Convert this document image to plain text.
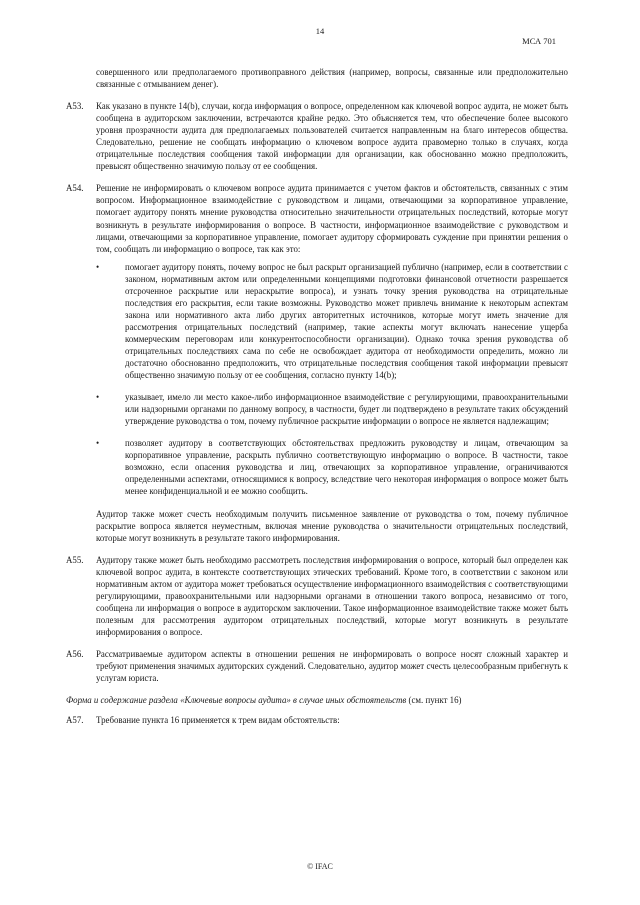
14
МСА 701

совершенного или предполагаемого противоправного действия (например, вопросы, связанные или предположительно связанные с отмыванием денег).

A53. Как указано в пункте 14(b), случаи, когда информация о вопросе, определенном как ключевой вопрос аудита, не может быть сообщена в аудиторском заключении, встречаются крайне редко. Это объясняется тем, что обеспечение более высокого уровня прозрачности аудита для предполагаемых пользователей считается направленным на благо интересов общества. Следовательно, решение не сообщать информацию о ключевом вопросе аудита правомерно только в случаях, когда отрицательные последствия сообщения такой информации для организации, как обоснованно можно предположить, превысят общественно значимую пользу от ее сообщения.

A54. Решение не информировать о ключевом вопросе аудита принимается с учетом фактов и обстоятельств, связанных с этим вопросом. Информационное взаимодействие с руководством и лицами, отвечающими за корпоративное управление, помогает аудитору понять мнение руководства относительно значительности отрицательных последствий, которые могут возникнуть в результате информирования о вопросе. В частности, информационное взаимодействие с руководством и лицами, отвечающими за корпоративное управление, помогает аудитору сформировать суждение при принятии решения о том, сообщать ли информацию о вопросе, так как это:

•	помогает аудитору понять, почему вопрос не был раскрыт организацией публично (например, если в соответствии с законом, нормативным актом или определенными концепциями подготовки финансовой отчетности разрешается отсроченное раскрытие или нераскрытие вопроса), и узнать точку зрения руководства на отрицательные последствия его раскрытия, если такие возможны. Руководство может привлечь внимание к некоторым аспектам закона или нормативного акта либо других авторитетных источников, которые могут иметь значение для рассмотрения отрицательных последствий (например, такие аспекты могут включать нанесение ущерба коммерческим переговорам или конкурентоспособности организации). Однако точка зрения руководства об отрицательных последствиях сама по себе не освобождает аудитора от необходимости определить, можно ли достаточно обоснованно предположить, что отрицательные последствия сообщения такой информации превысят общественно значимую пользу от ее сообщения, согласно пункту 14(b);

•	указывает, имело ли место какое-либо информационное взаимодействие с регулирующими, правоохранительными или надзорными органами по данному вопросу, в частности, будет ли подтверждено в результате таких обсуждений утверждение руководства о том, почему публичное раскрытие информации о вопросе не является надлежащим;

•	позволяет аудитору в соответствующих обстоятельствах предложить руководству и лицам, отвечающим за корпоративное управление, раскрыть публично соответствующую информацию о вопросе. В частности, такое возможно, если опасения руководства и лиц, отвечающих за корпоративное управление, ограничиваются определенными аспектами, относящимися к вопросу, вследствие чего некоторая информация о вопросе может быть менее конфиденциальной и ее можно сообщить.

Аудитор также может счесть необходимым получить письменное заявление от руководства о том, почему публичное раскрытие вопроса является неуместным, включая мнение руководства о значительности отрицательных последствий, которые могут возникнуть в результате такого информирования.

A55. Аудитору также может быть необходимо рассмотреть последствия информирования о вопросе, который был определен как ключевой вопрос аудита, в контексте соответствующих этических требований. Кроме того, в соответствии с законом или нормативным актом от аудитора может требоваться осуществление информационного взаимодействия с соответствующими регулирующими, правоохранительными или надзорными органами в отношении такого вопроса, независимо от того, сообщена ли информация о вопросе в аудиторском заключении. Такое информационное взаимодействие также может быть полезным для рассмотрения аудитором отрицательных последствий, которые могут возникнуть в результате информирования о вопросе.

A56. Рассматриваемые аудитором аспекты в отношении решения не информировать о вопросе носят сложный характер и требуют применения значимых аудиторских суждений. Следовательно, аудитор может счесть целесообразным прибегнуть к услугам юриста.

Форма и содержание раздела «Ключевые вопросы аудита» в случае иных обстоятельств (см. пункт 16)
A57. Требование пункта 16 применяется к трем видам обстоятельств:

© IFAC
